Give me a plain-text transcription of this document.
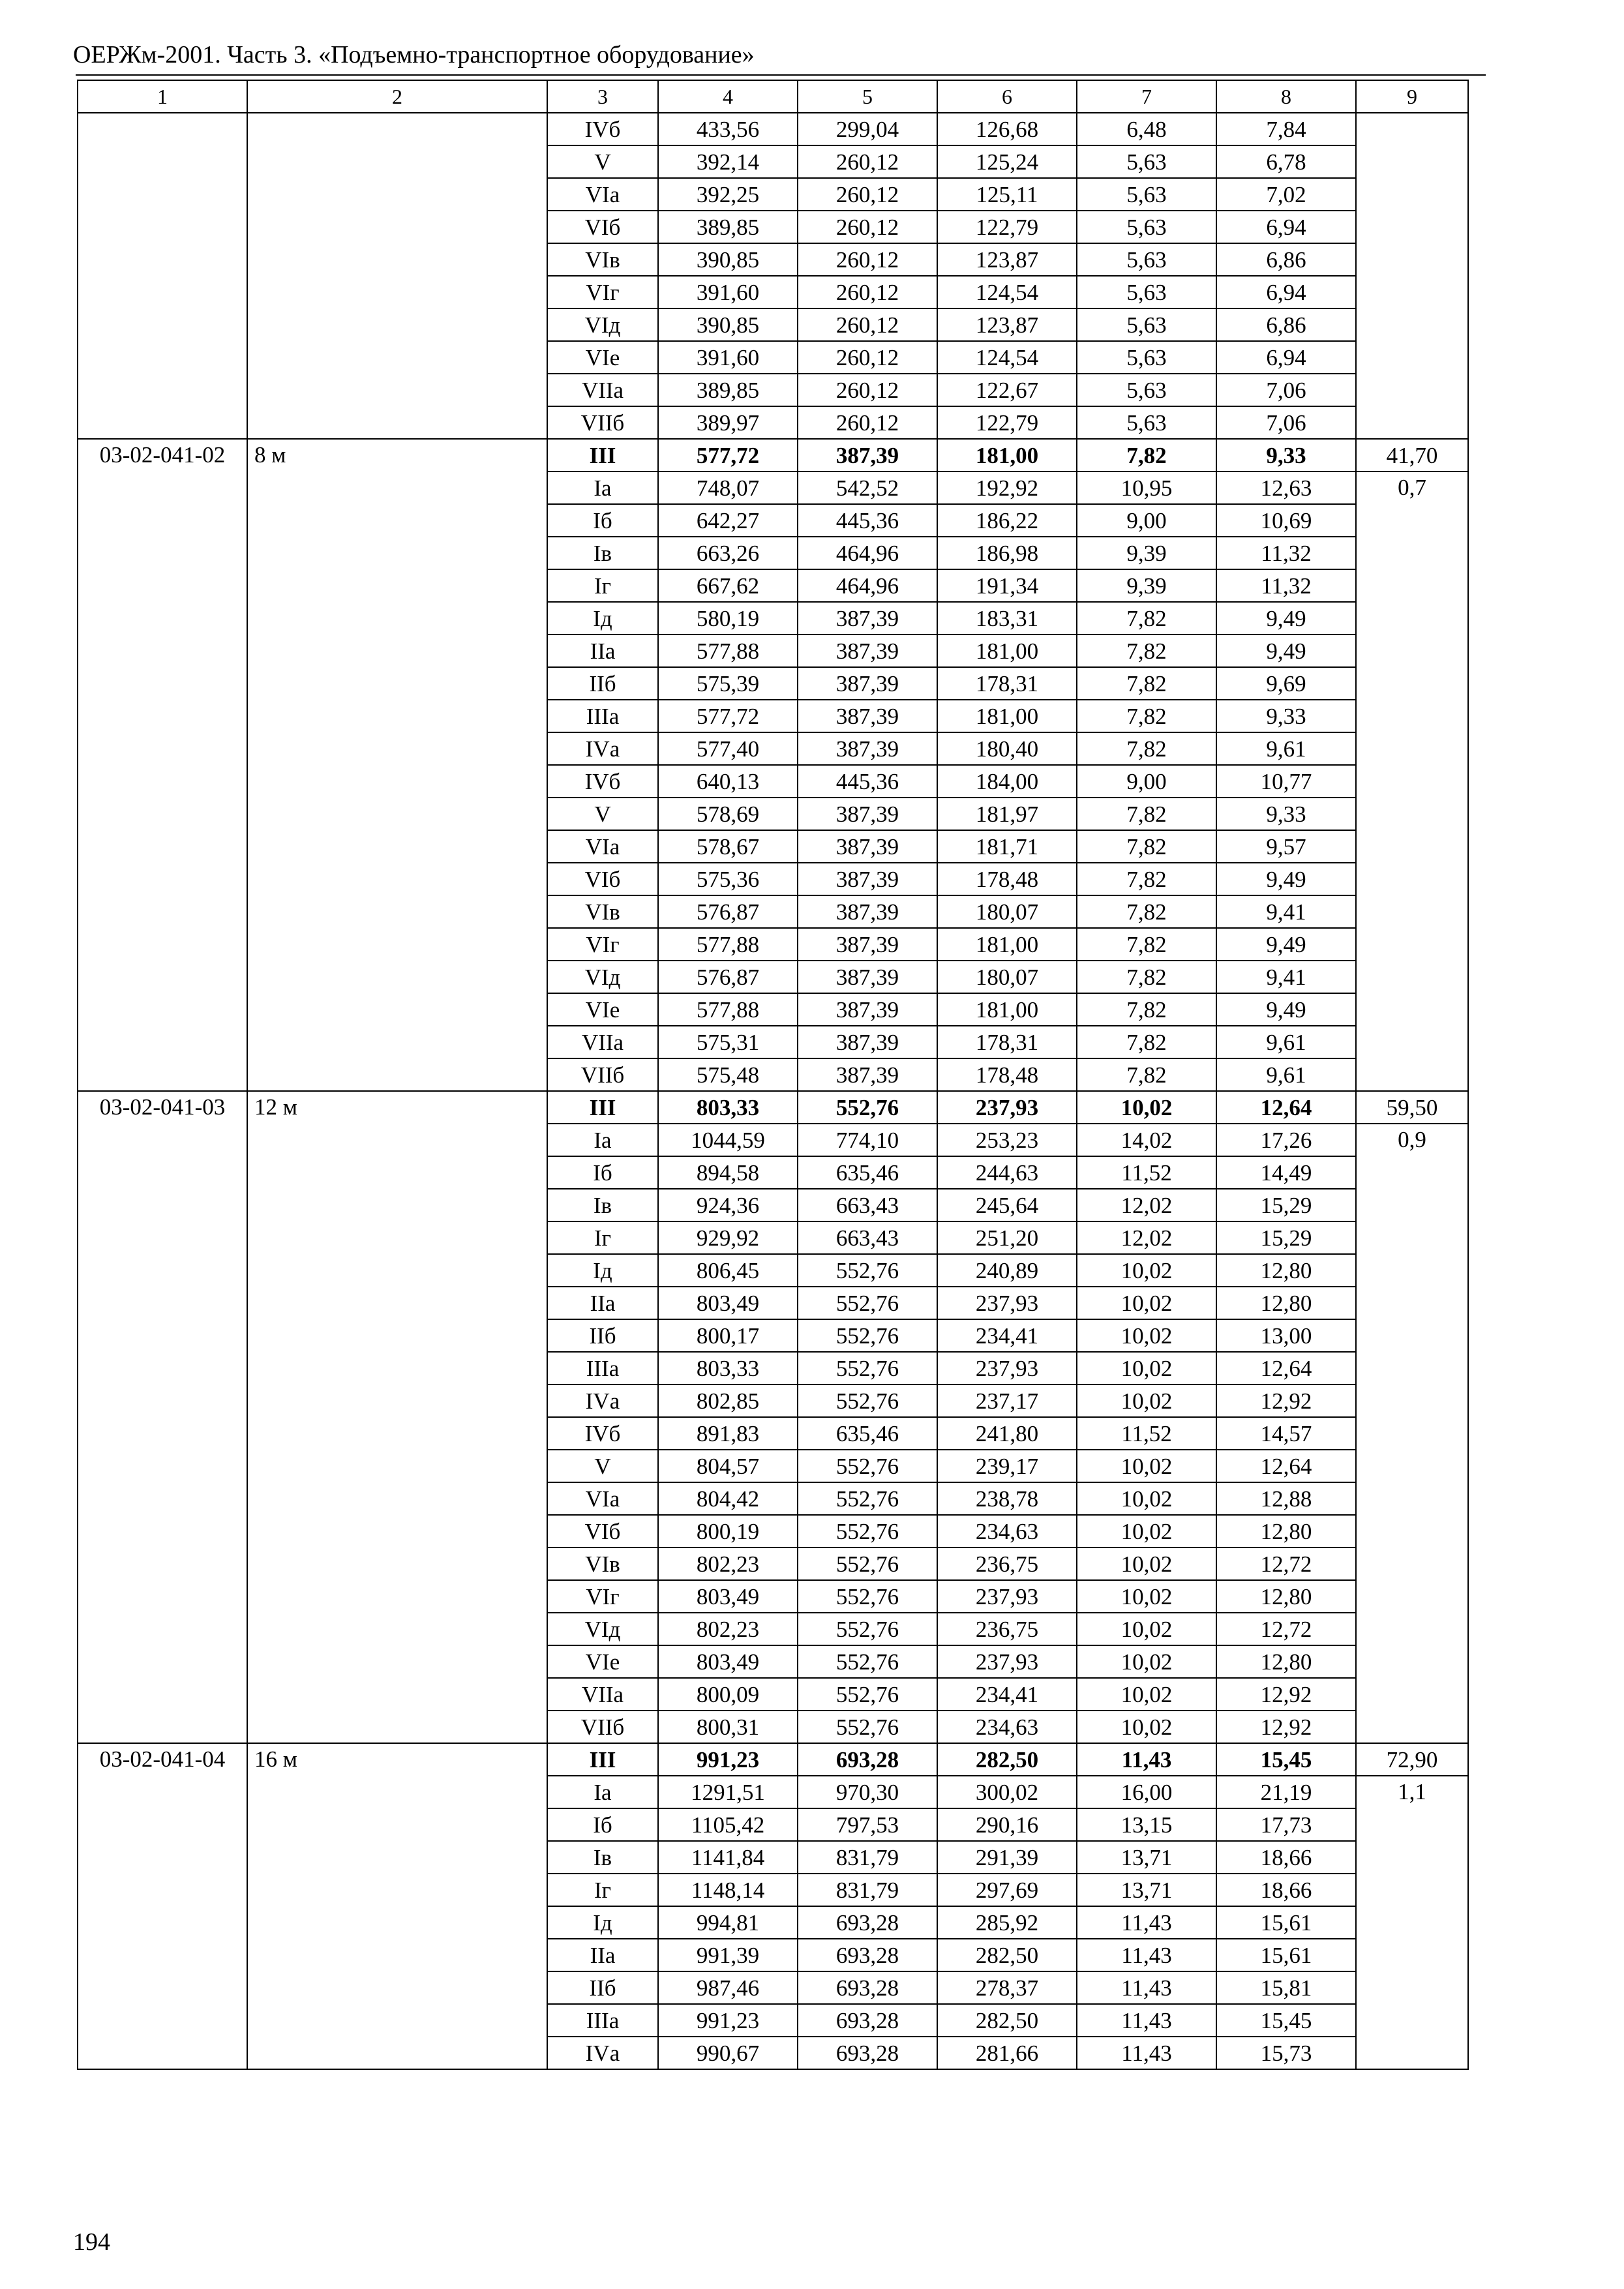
ОЕРЖм-2001. Часть 3. «Подъемно-транспортное оборудование»
1	2	3	4	5	6	7	8	9
		IVб	433,56	299,04	126,68	6,48	7,84	
		V	392,14	260,12	125,24	5,63	6,78	
		VIа	392,25	260,12	125,11	5,63	7,02	
		VIб	389,85	260,12	122,79	5,63	6,94	
		VIв	390,85	260,12	123,87	5,63	6,86	
		VIг	391,60	260,12	124,54	5,63	6,94	
		VIд	390,85	260,12	123,87	5,63	6,86	
		VIе	391,60	260,12	124,54	5,63	6,94	
		VIIа	389,85	260,12	122,67	5,63	7,06	
		VIIб	389,97	260,12	122,79	5,63	7,06	
03-02-041-02	8 м	III	577,72	387,39	181,00	7,82	9,33	41,70
		Iа	748,07	542,52	192,92	10,95	12,63	0,7
		Iб	642,27	445,36	186,22	9,00	10,69	
		Iв	663,26	464,96	186,98	9,39	11,32	
		Iг	667,62	464,96	191,34	9,39	11,32	
		Iд	580,19	387,39	183,31	7,82	9,49	
		IIа	577,88	387,39	181,00	7,82	9,49	
		IIб	575,39	387,39	178,31	7,82	9,69	
		IIIа	577,72	387,39	181,00	7,82	9,33	
		IVа	577,40	387,39	180,40	7,82	9,61	
		IVб	640,13	445,36	184,00	9,00	10,77	
		V	578,69	387,39	181,97	7,82	9,33	
		VIа	578,67	387,39	181,71	7,82	9,57	
		VIб	575,36	387,39	178,48	7,82	9,49	
		VIв	576,87	387,39	180,07	7,82	9,41	
		VIг	577,88	387,39	181,00	7,82	9,49	
		VIд	576,87	387,39	180,07	7,82	9,41	
		VIе	577,88	387,39	181,00	7,82	9,49	
		VIIа	575,31	387,39	178,31	7,82	9,61	
		VIIб	575,48	387,39	178,48	7,82	9,61	
03-02-041-03	12 м	III	803,33	552,76	237,93	10,02	12,64	59,50
		Iа	1044,59	774,10	253,23	14,02	17,26	0,9
		Iб	894,58	635,46	244,63	11,52	14,49	
		Iв	924,36	663,43	245,64	12,02	15,29	
		Iг	929,92	663,43	251,20	12,02	15,29	
		Iд	806,45	552,76	240,89	10,02	12,80	
		IIа	803,49	552,76	237,93	10,02	12,80	
		IIб	800,17	552,76	234,41	10,02	13,00	
		IIIа	803,33	552,76	237,93	10,02	12,64	
		IVа	802,85	552,76	237,17	10,02	12,92	
		IVб	891,83	635,46	241,80	11,52	14,57	
		V	804,57	552,76	239,17	10,02	12,64	
		VIа	804,42	552,76	238,78	10,02	12,88	
		VIб	800,19	552,76	234,63	10,02	12,80	
		VIв	802,23	552,76	236,75	10,02	12,72	
		VIг	803,49	552,76	237,93	10,02	12,80	
		VIд	802,23	552,76	236,75	10,02	12,72	
		VIе	803,49	552,76	237,93	10,02	12,80	
		VIIа	800,09	552,76	234,41	10,02	12,92	
		VIIб	800,31	552,76	234,63	10,02	12,92	
03-02-041-04	16 м	III	991,23	693,28	282,50	11,43	15,45	72,90
		Iа	1291,51	970,30	300,02	16,00	21,19	1,1
		Iб	1105,42	797,53	290,16	13,15	17,73	
		Iв	1141,84	831,79	291,39	13,71	18,66	
		Iг	1148,14	831,79	297,69	13,71	18,66	
		Iд	994,81	693,28	285,92	11,43	15,61	
		IIа	991,39	693,28	282,50	11,43	15,61	
		IIб	987,46	693,28	278,37	11,43	15,81	
		IIIа	991,23	693,28	282,50	11,43	15,45	
		IVа	990,67	693,28	281,66	11,43	15,73	
194
